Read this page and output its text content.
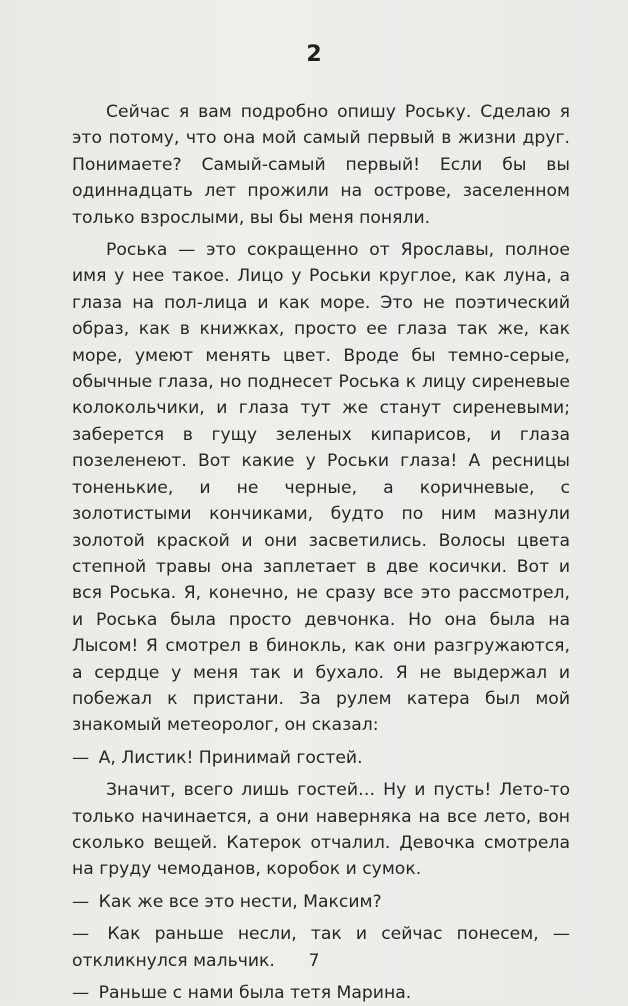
2

Сейчас я вам подробно опишу Роську. Сделаю я это потому, что она мой самый первый в жизни друг. Понимаете? Самый-самый первый! Если бы вы одиннадцать лет прожили на острове, заселенном только взрослыми, вы бы меня поняли.

Роська — это сокращенно от Ярославы, полное имя у нее такое. Лицо у Роськи круглое, как луна, а глаза на пол-лица и как море. Это не поэтический образ, как в книжках, просто ее глаза так же, как море, умеют менять цвет. Вроде бы темно-серые, обычные глаза, но поднесет Роська к лицу сиреневые колокольчики, и глаза тут же станут сиреневыми; заберется в гущу зеленых кипарисов, и глаза позеленеют. Вот какие у Роськи глаза! А ресницы тоненькие, и не черные, а коричневые, с золотистыми кончиками, будто по ним мазнули золотой краской и они засветились. Волосы цвета степной травы она заплетает в две косички. Вот и вся Роська. Я, конечно, не сразу все это рассмотрел, и Роська была просто девчонка. Но она была на Лысом! Я смотрел в бинокль, как они разгружаются, а сердце у меня так и бухало. Я не выдержал и побежал к пристани. За рулем катера был мой знакомый метеоролог, он сказал:

— А, Листик! Принимай гостей.

Значит, всего лишь гостей… Ну и пусть! Лето-то только начинается, а они наверняка на все лето, вон сколько вещей. Катерок отчалил. Девочка смотрела на груду чемоданов, коробок и сумок.

— Как же все это нести, Максим?

— Как раньше несли, так и сейчас понесем, — откликнулся мальчик.

— Раньше с нами была тетя Марина.

7
